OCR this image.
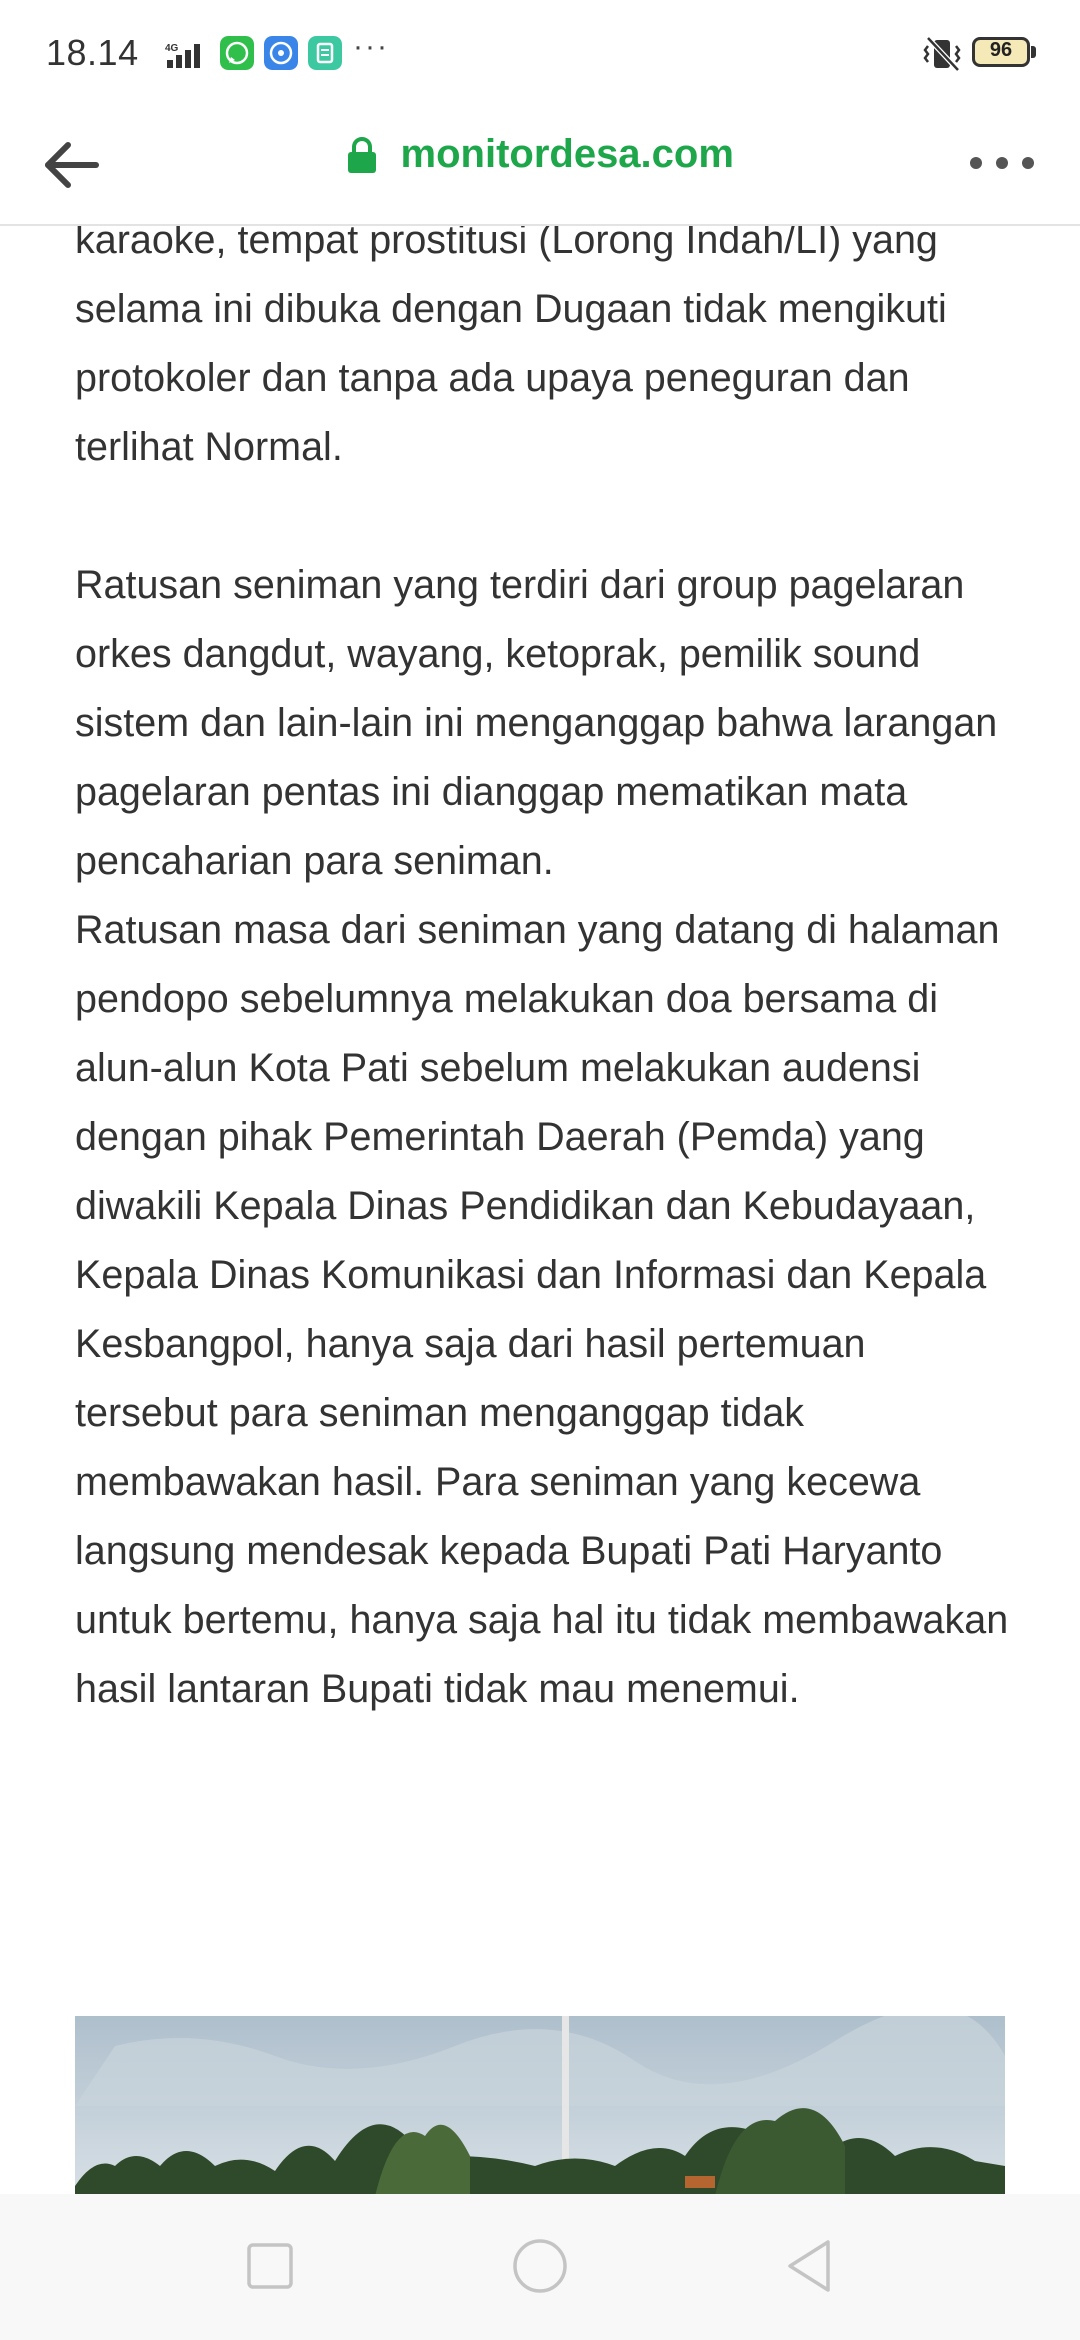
18.14	4G	···	96
monitordesa.com

karaoke, tempat prostitusi (Lorong Indah/LI) yang selama ini dibuka dengan Dugaan tidak mengikuti protokoler dan tanpa ada upaya peneguran dan terlihat Normal.

Ratusan seniman yang terdiri dari group pagelaran orkes dangdut, wayang, ketoprak, pemilik sound sistem dan lain-lain ini menganggap bahwa larangan pagelaran pentas ini dianggap mematikan mata pencaharian para seniman.

Ratusan masa dari seniman yang datang di halaman pendopo sebelumnya melakukan doa bersama di alun-alun Kota Pati sebelum melakukan audensi dengan pihak Pemerintah Daerah (Pemda) yang diwakili Kepala Dinas Pendidikan dan Kebudayaan, Kepala Dinas Komunikasi dan Informasi dan Kepala Kesbangpol, hanya saja dari hasil pertemuan tersebut para seniman menganggap tidak membawakan hasil. Para seniman yang kecewa langsung mendesak kepada Bupati Pati Haryanto untuk bertemu, hanya saja hal itu tidak membawakan hasil lantaran Bupati tidak mau menemui.
